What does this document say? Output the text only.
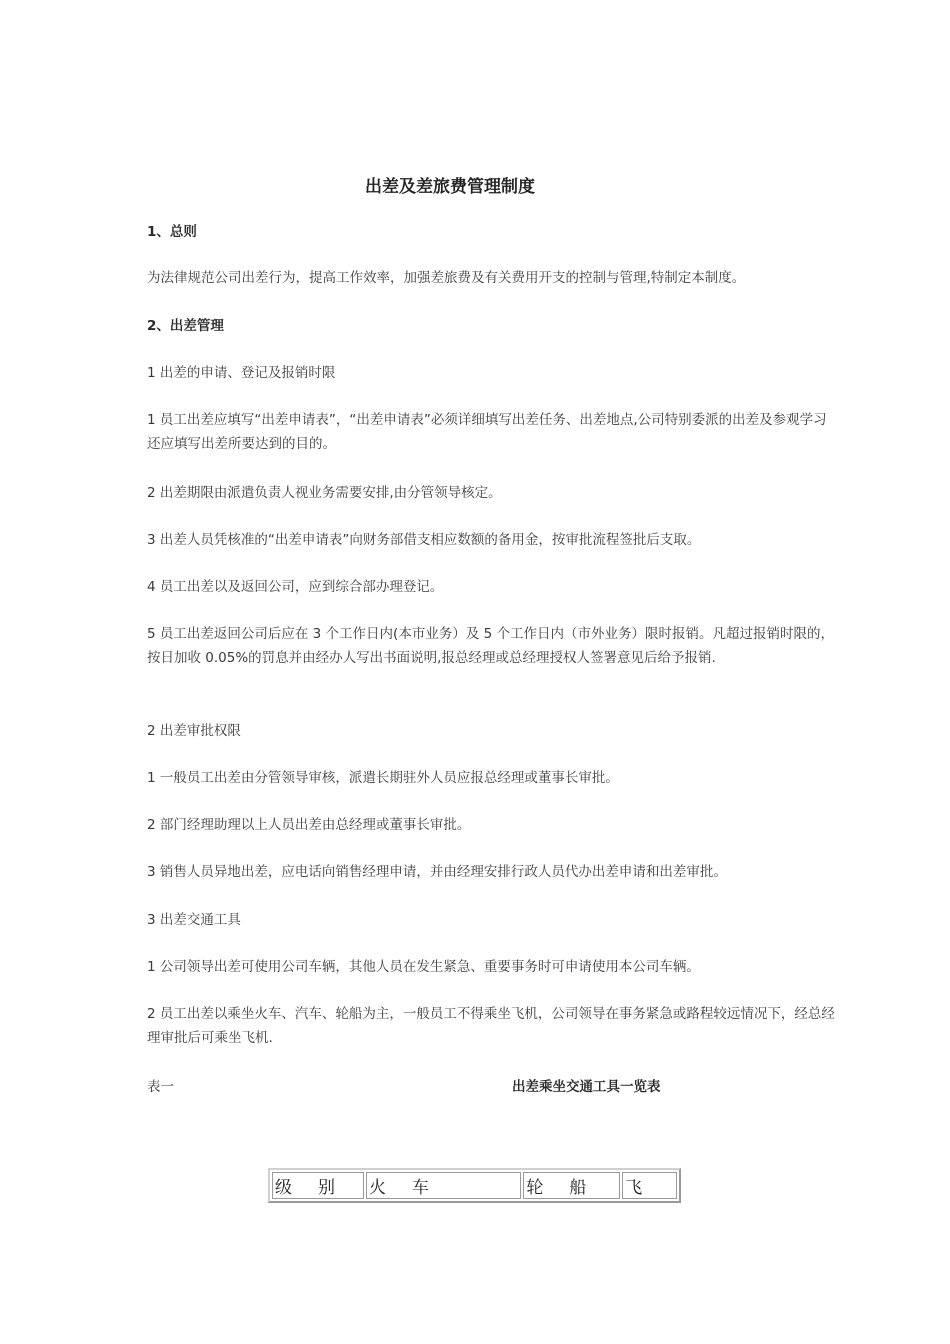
出差及差旅费管理制度

1、总则

为法律规范公司出差行为，提高工作效率，加强差旅费及有关费用开支的控制与管理,特制定本制度。

2、出差管理

1 出差的申请、登记及报销时限

1 员工出差应填写“出差申请表”，“出差申请表”必须详细填写出差任务、出差地点,公司特别委派的出差及参观学习还应填写出差所要达到的目的。

2 出差期限由派遣负责人视业务需要安排,由分管领导核定。

3 出差人员凭核准的“出差申请表”向财务部借支相应数额的备用金，按审批流程签批后支取。

4 员工出差以及返回公司，应到综合部办理登记。

5 员工出差返回公司后应在 3 个工作日内(本市业务）及 5 个工作日内（市外业务）限时报销。凡超过报销时限的，按日加收 0.05%的罚息并由经办人写出书面说明,报总经理或总经理授权人签署意见后给予报销.

2 出差审批权限

1 一般员工出差由分管领导审核，派遣长期驻外人员应报总经理或董事长审批。

2 部门经理助理以上人员出差由总经理或董事长审批。

3 销售人员异地出差，应电话向销售经理申请，并由经理安排行政人员代办出差申请和出差审批。

3 出差交通工具

1 公司领导出差可使用公司车辆，其他人员在发生紧急、重要事务时可申请使用本公司车辆。

2 员工出差以乘坐火车、汽车、轮船为主，一般员工不得乘坐飞机，公司领导在事务紧急或路程较远情况下，经总经理审批后可乘坐飞机.

表一	出差乘坐交通工具一览表

级别	火车	轮船	飞
